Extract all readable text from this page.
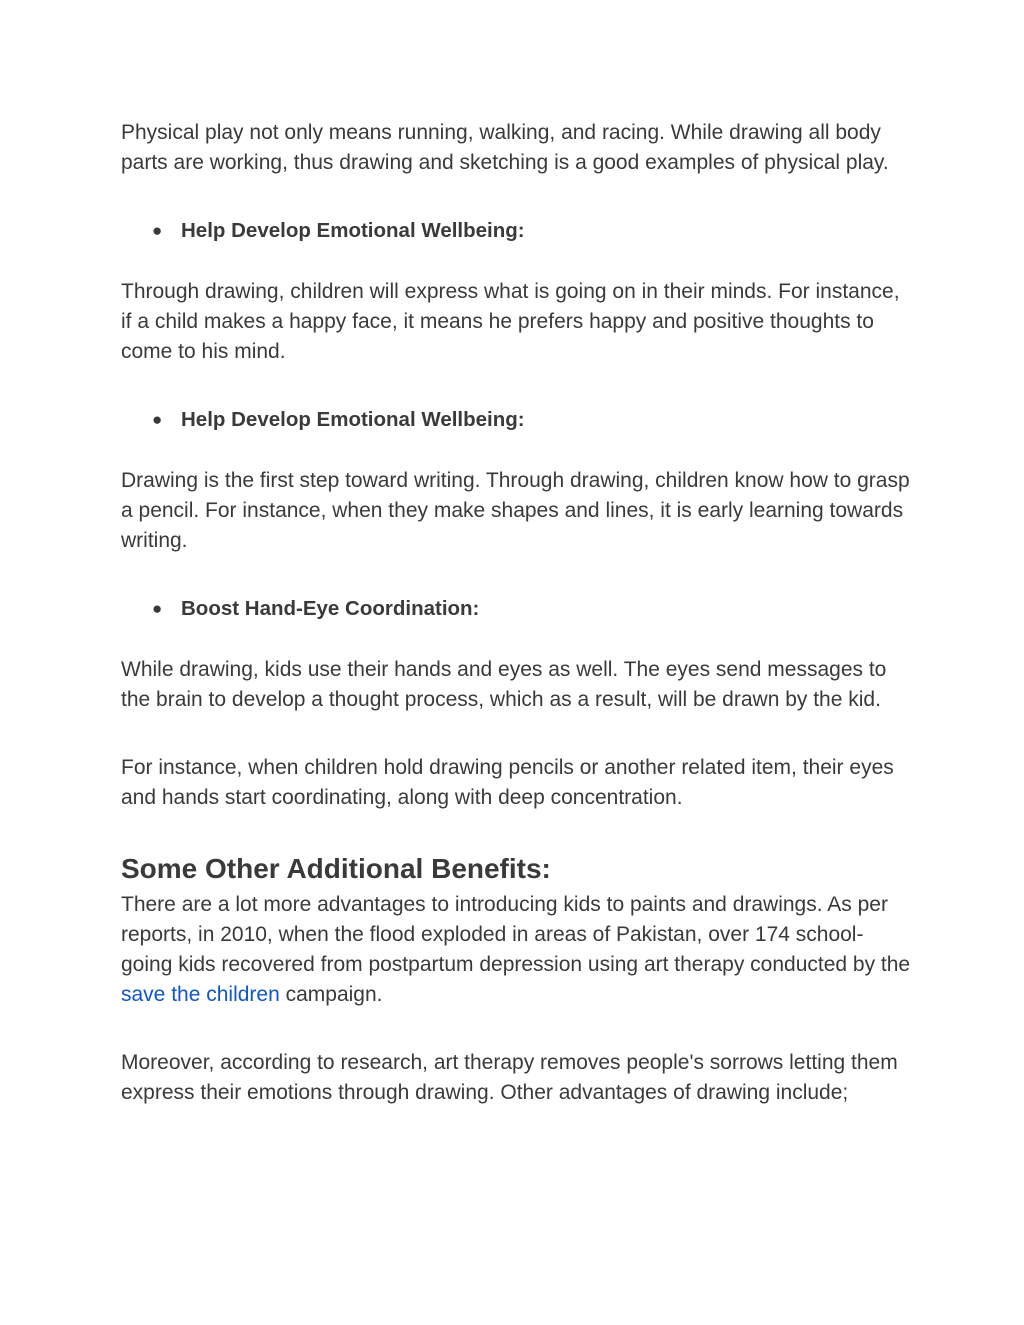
Physical play not only means running, walking, and racing. While drawing all body parts are working, thus drawing and sketching is a good examples of physical play.

● Help Develop Emotional Wellbeing:

Through drawing, children will express what is going on in their minds. For instance, if a child makes a happy face, it means he prefers happy and positive thoughts to come to his mind.

● Help Develop Emotional Wellbeing:

Drawing is the first step toward writing. Through drawing, children know how to grasp a pencil. For instance, when they make shapes and lines, it is early learning towards writing.

● Boost Hand-Eye Coordination:

While drawing, kids use their hands and eyes as well. The eyes send messages to the brain to develop a thought process, which as a result, will be drawn by the kid.

For instance, when children hold drawing pencils or another related item, their eyes and hands start coordinating, along with deep concentration.

Some Other Additional Benefits:

There are a lot more advantages to introducing kids to paints and drawings. As per reports, in 2010, when the flood exploded in areas of Pakistan, over 174 school-going kids recovered from postpartum depression using art therapy conducted by the save the children campaign.

Moreover, according to research, art therapy removes people's sorrows letting them express their emotions through drawing. Other advantages of drawing include;
